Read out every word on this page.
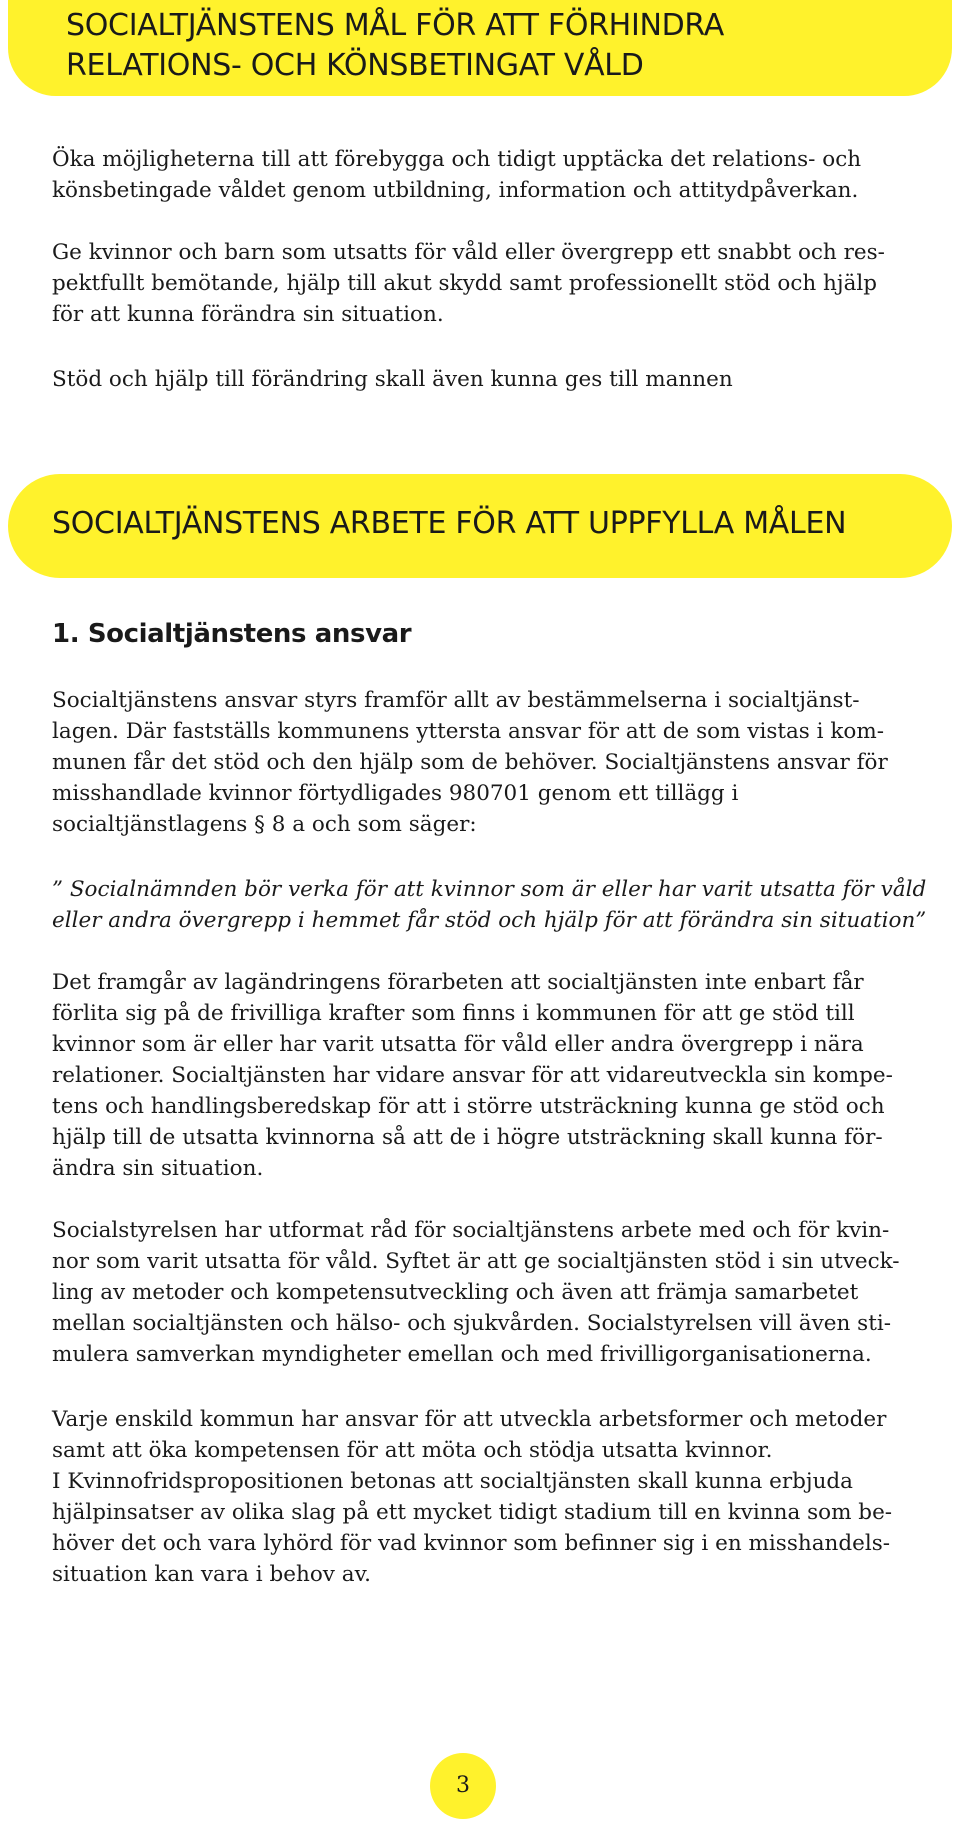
SOCIALTJÄNSTENS MÅL FÖR ATT FÖRHINDRA
RELATIONS- OCH KÖNSBETINGAT VÅLD

Öka möjligheterna till att förebygga och tidigt upptäcka det relations- och
könsbetingade våldet genom utbildning, information och attitydpåverkan.

Ge kvinnor och barn som utsatts för våld eller övergrepp ett snabbt och res-
pektfullt bemötande, hjälp till akut skydd samt professionellt stöd och hjälp
för att kunna förändra sin situation.

Stöd och hjälp till förändring skall även kunna ges till mannen

SOCIALTJÄNSTENS ARBETE FÖR ATT UPPFYLLA MÅLEN
1. Socialtjänstens ansvar

Socialtjänstens ansvar styrs framför allt av bestämmelserna i socialtjänst-
lagen. Där fastställs kommunens yttersta ansvar för att de som vistas i kom-
munen får det stöd och den hjälp som de behöver. Socialtjänstens ansvar för
misshandlade kvinnor förtydligades 980701 genom ett tillägg i
socialtjänstlagens § 8 a och som säger:

” Socialnämnden bör verka för att kvinnor som är eller har varit utsatta för våld
eller andra övergrepp i hemmet får stöd och hjälp för att förändra sin situation”

Det framgår av lagändringens förarbeten att socialtjänsten inte enbart får
förlita sig på de frivilliga krafter som finns i kommunen för att ge stöd till
kvinnor som är eller har varit utsatta för våld eller andra övergrepp i nära
relationer. Socialtjänsten har vidare ansvar för att vidareutveckla sin kompe-
tens och handlingsberedskap för att i större utsträckning kunna ge stöd och
hjälp till de utsatta kvinnorna så att de i högre utsträckning skall kunna för-
ändra sin situation.

Socialstyrelsen har utformat råd för socialtjänstens arbete med och för kvin-
nor som varit utsatta för våld. Syftet är att ge socialtjänsten stöd i sin utveck-
ling av metoder och kompetensutveckling och även att främja samarbetet
mellan socialtjänsten och hälso- och sjukvården. Socialstyrelsen vill även sti-
mulera samverkan myndigheter emellan och med frivilligorganisationerna.

Varje enskild kommun har ansvar för att utveckla arbetsformer och metoder
samt att öka kompetensen för att möta och stödja utsatta kvinnor.
I Kvinnofridspropositionen betonas att socialtjänsten skall kunna erbjuda
hjälpinsatser av olika slag på ett mycket tidigt stadium till en kvinna som be-
höver det och vara lyhörd för vad kvinnor som befinner sig i en misshandels-
situation kan vara i behov av.

3
